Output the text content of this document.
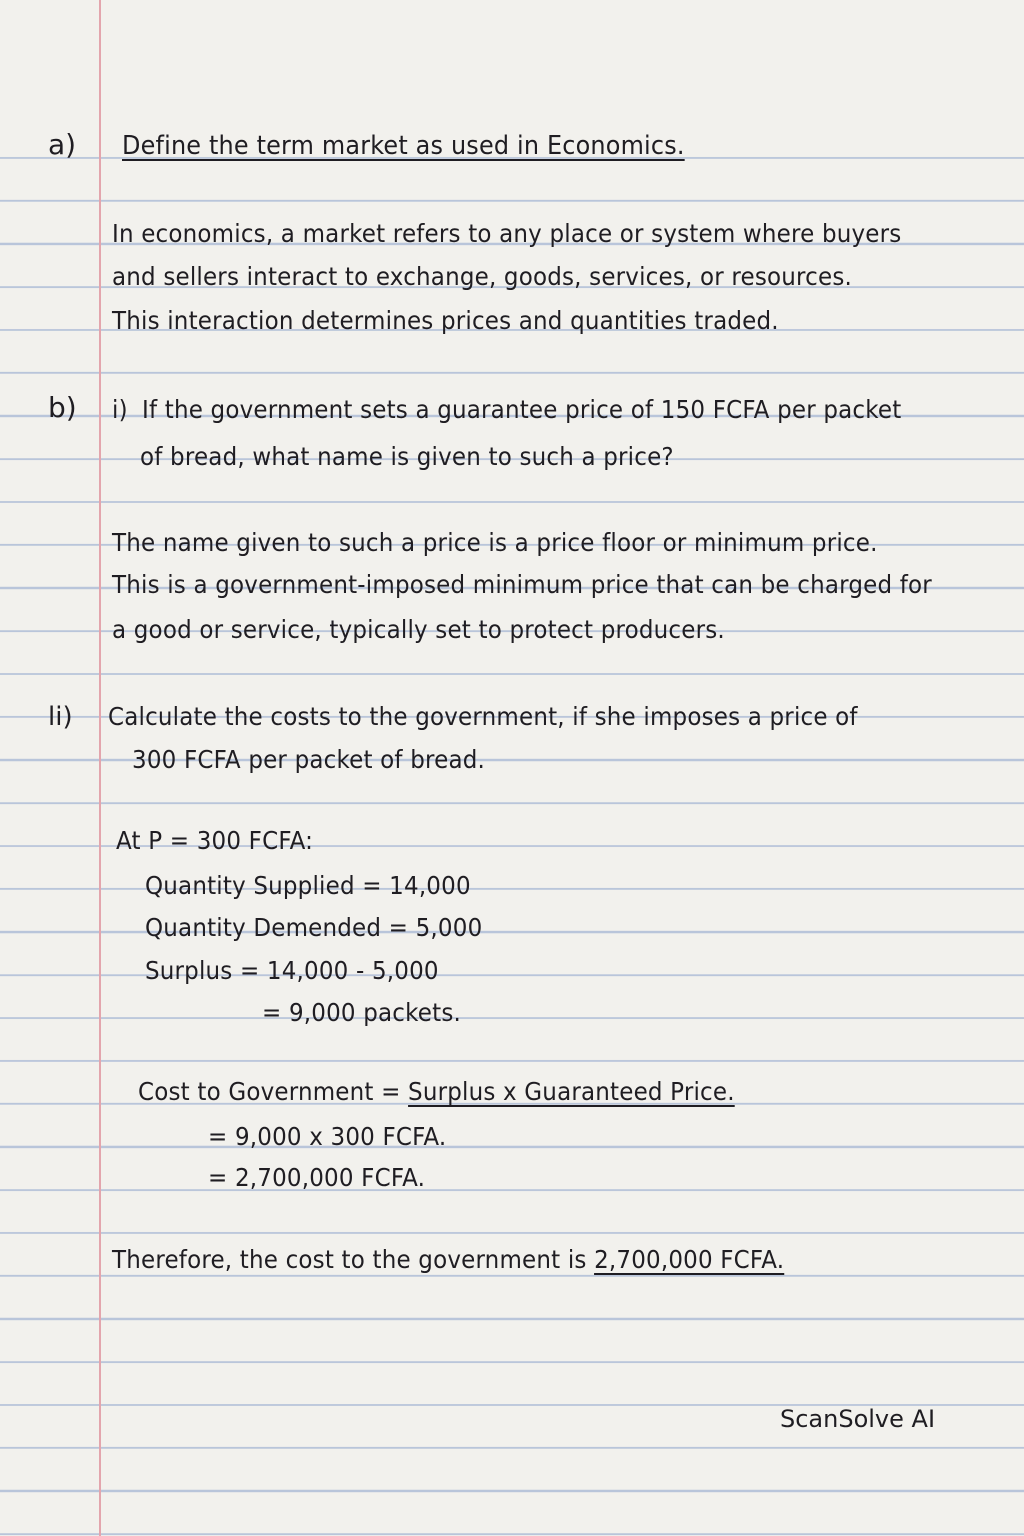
a) Define the term market as used in Economics.
In economics, a market refers to any place or system where buyers
and sellers interact to exchange, goods, services, or resources.
This interaction determines prices and quantities traded.
b) i) If the government sets a guarantee price of 150 FCFA per packet
of bread, what name is given to such a price?
The name given to such a price is a price floor or minimum price.
This is a government-imposed minimum price that can be charged for
a good or service, typically set to protect producers.
li) Calculate the costs to the government, if she imposes a price of
300 FCFA per packet of bread.
At P = 300 FCFA:
Quantity Supplied = 14,000
Quantity Demended = 5,000
Surplus = 14,000 - 5,000
= 9,000 packets.
Cost to Government = Surplus x Guaranteed Price.
= 9,000 x 300 FCFA.
= 2,700,000 FCFA.
Therefore, the cost to the government is 2,700,000 FCFA.
ScanSolve AI
